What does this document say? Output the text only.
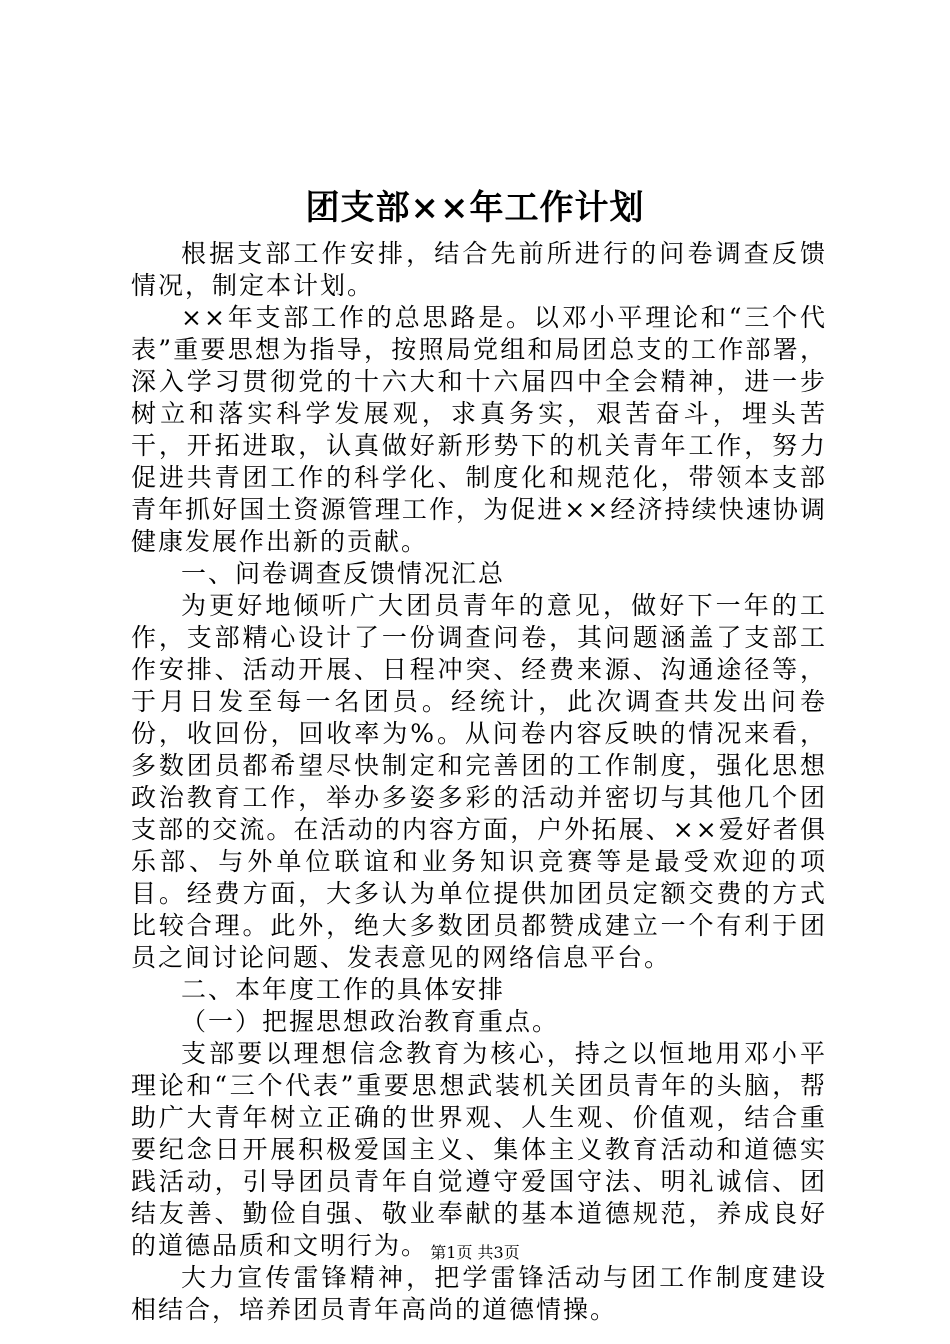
团支部××年工作计划

根据支部工作安排，结合先前所进行的问卷调查反馈情况，制定本计划。

××年支部工作的总思路是。以邓小平理论和“三个代表”重要思想为指导，按照局党组和局团总支的工作部署，深入学习贯彻党的十六大和十六届四中全会精神，进一步树立和落实科学发展观，求真务实，艰苦奋斗，埋头苦干，开拓进取，认真做好新形势下的机关青年工作，努力促进共青团工作的科学化、制度化和规范化，带领本支部青年抓好国土资源管理工作，为促进××经济持续快速协调健康发展作出新的贡献。

一、问卷调查反馈情况汇总

为更好地倾听广大团员青年的意见，做好下一年的工作，支部精心设计了一份调查问卷，其问题涵盖了支部工作安排、活动开展、日程冲突、经费来源、沟通途径等，于月日发至每一名团员。经统计，此次调查共发出问卷份，收回份，回收率为%。从问卷内容反映的情况来看，多数团员都希望尽快制定和完善团的工作制度，强化思想政治教育工作，举办多姿多彩的活动并密切与其他几个团支部的交流。在活动的内容方面，户外拓展、××爱好者俱乐部、与外单位联谊和业务知识竞赛等是最受欢迎的项目。经费方面，大多认为单位提供加团员定额交费的方式比较合理。此外，绝大多数团员都赞成建立一个有利于团员之间讨论问题、发表意见的网络信息平台。

二、本年度工作的具体安排

（一）把握思想政治教育重点。

支部要以理想信念教育为核心，持之以恒地用邓小平理论和“三个代表”重要思想武装机关团员青年的头脑，帮助广大青年树立正确的世界观、人生观、价值观，结合重要纪念日开展积极爱国主义、集体主义教育活动和道德实践活动，引导团员青年自觉遵守爱国守法、明礼诚信、团结友善、勤俭自强、敬业奉献的基本道德规范，养成良好的道德品质和文明行为。

大力宣传雷锋精神，把学雷锋活动与团工作制度建设相结合，培养团员青年高尚的道德情操。

第1页 共3页
